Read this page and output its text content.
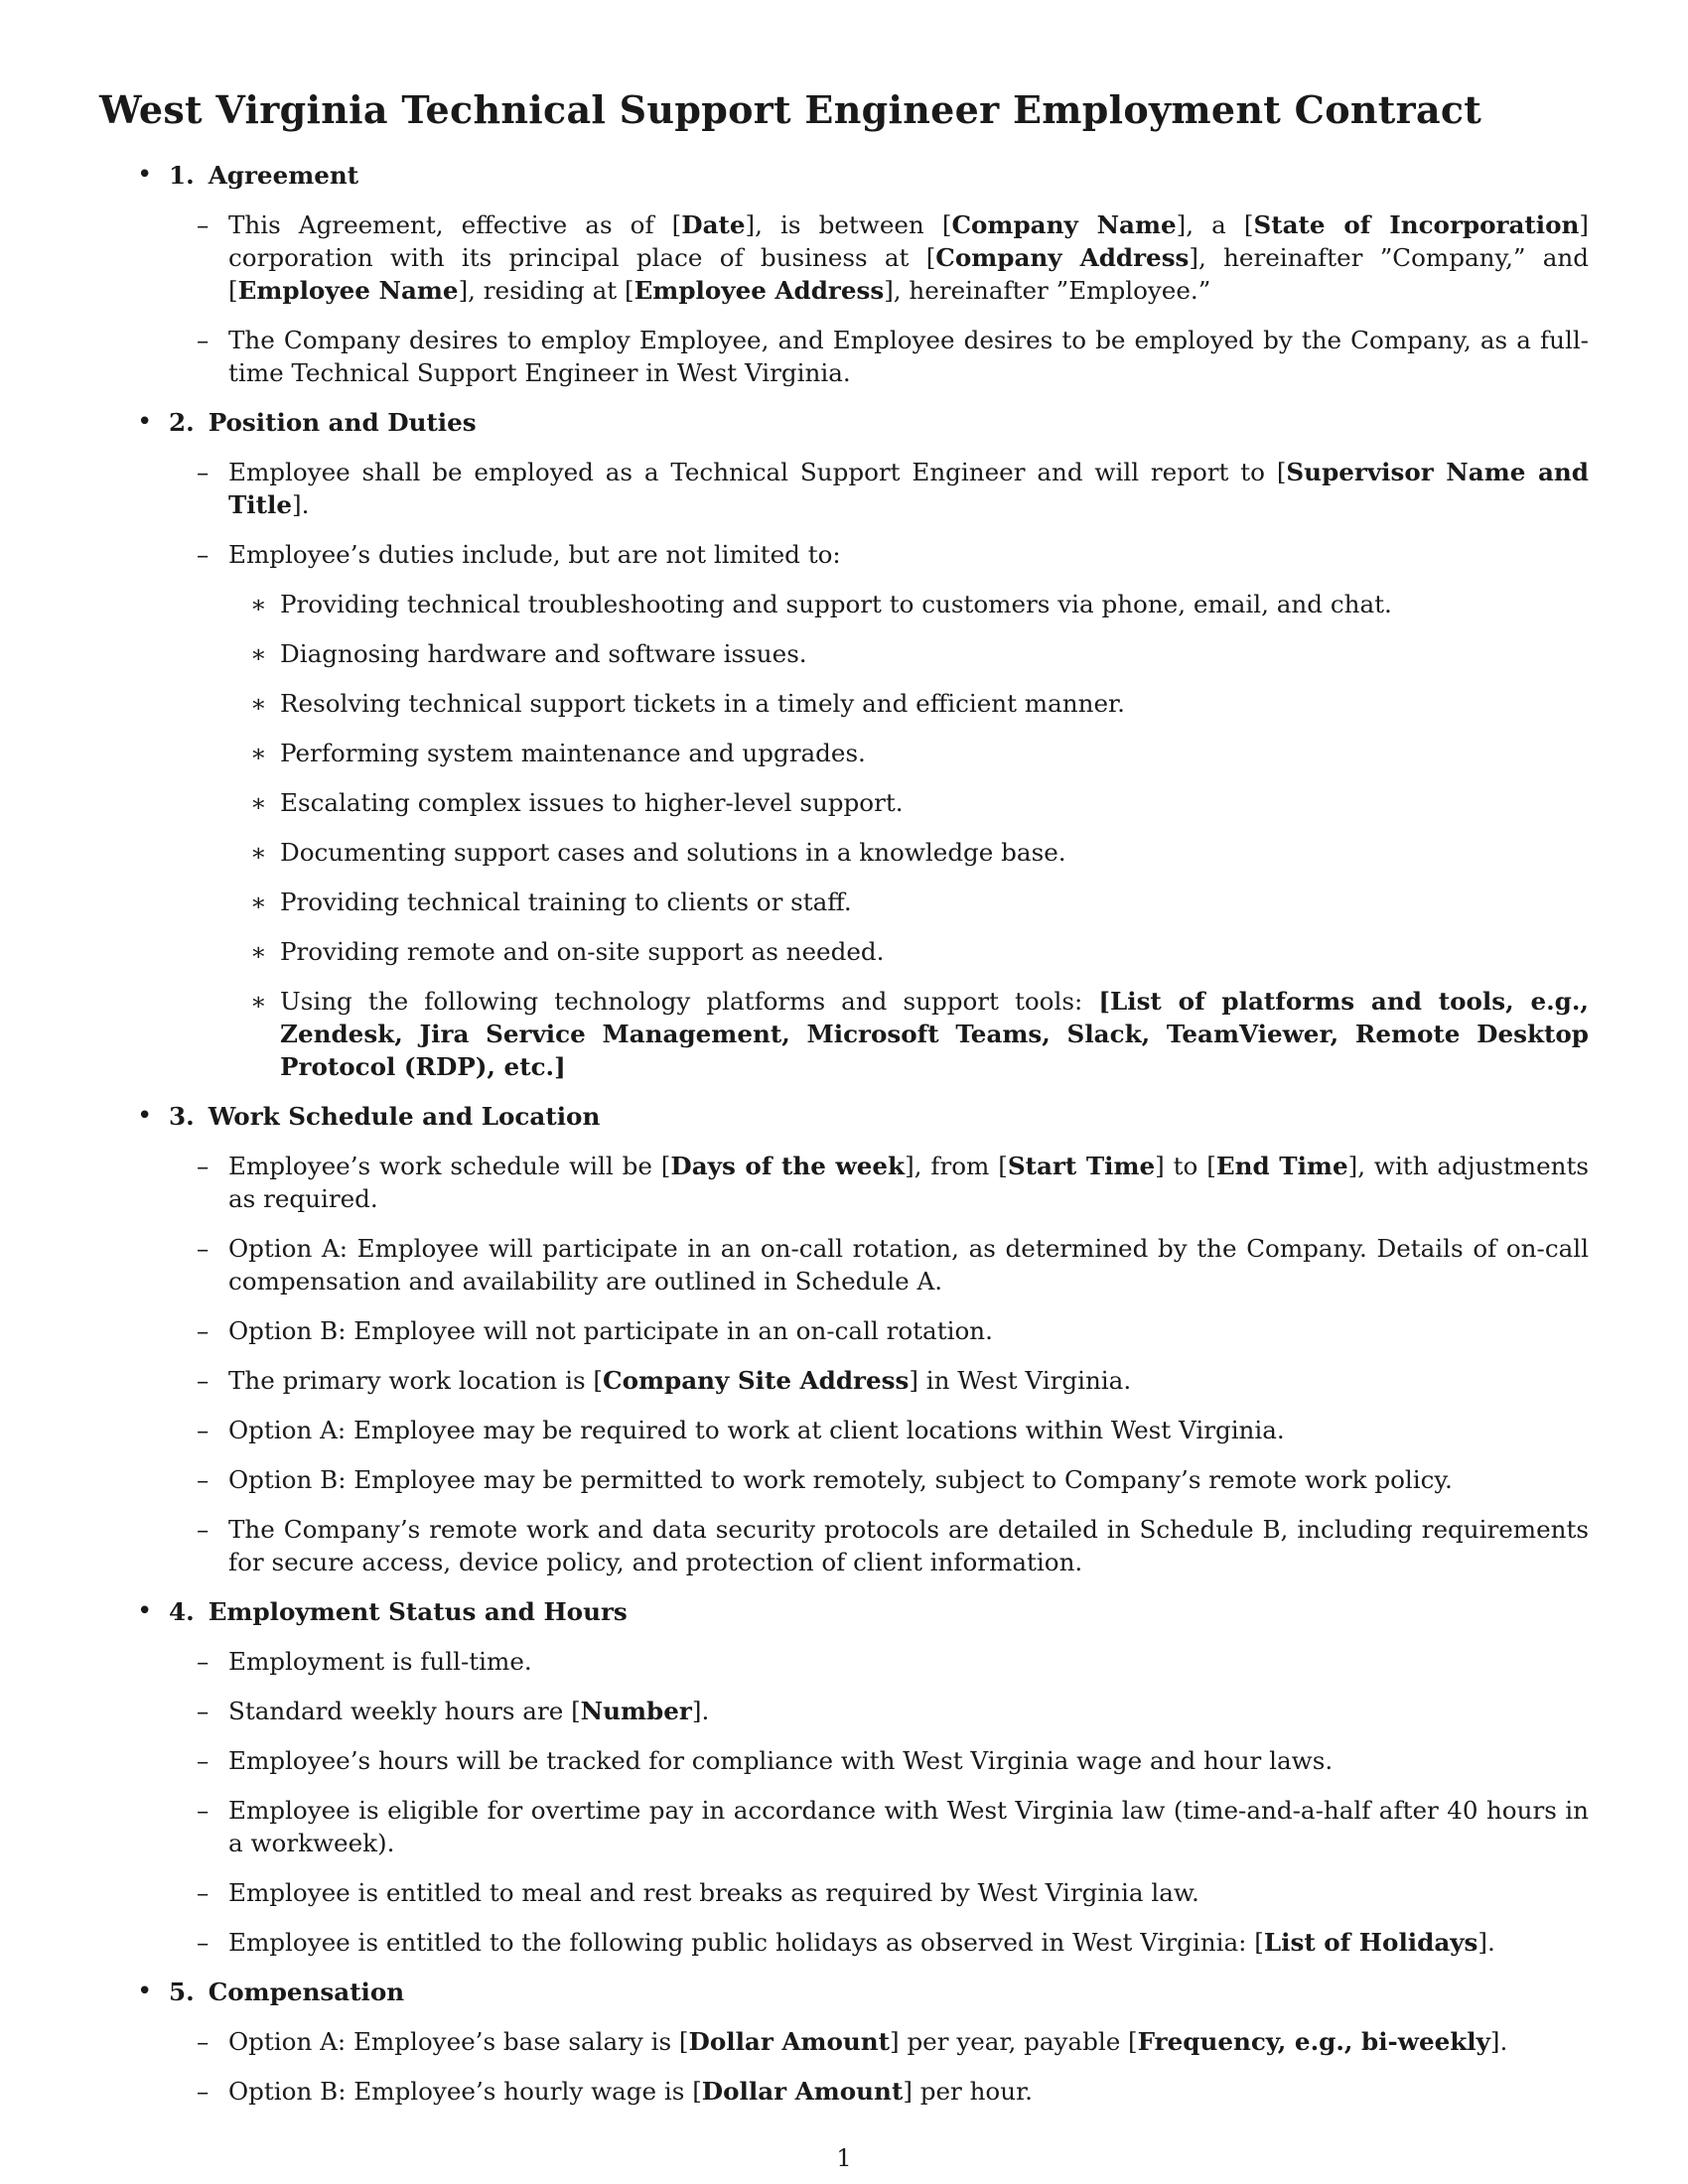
West Virginia Technical Support Engineer Employment Contract
• 1. Agreement
– This Agreement, effective as of [Date], is between [Company Name], a [State of Incorporation] corporation with its principal place of business at [Company Address], hereinafter ”Company,” and [Employee Name], residing at [Employee Address], hereinafter ”Employee.”
– The Company desires to employ Employee, and Employee desires to be employed by the Company, as a full-time Technical Support Engineer in West Virginia.
• 2. Position and Duties
– Employee shall be employed as a Technical Support Engineer and will report to [Supervisor Name and Title].
– Employee’s duties include, but are not limited to:
∗ Providing technical troubleshooting and support to customers via phone, email, and chat.
∗ Diagnosing hardware and software issues.
∗ Resolving technical support tickets in a timely and efficient manner.
∗ Performing system maintenance and upgrades.
∗ Escalating complex issues to higher-level support.
∗ Documenting support cases and solutions in a knowledge base.
∗ Providing technical training to clients or staff.
∗ Providing remote and on-site support as needed.
∗ Using the following technology platforms and support tools: [List of platforms and tools, e.g., Zendesk, Jira Service Management, Microsoft Teams, Slack, TeamViewer, Remote Desktop Protocol (RDP), etc.]
• 3. Work Schedule and Location
– Employee’s work schedule will be [Days of the week], from [Start Time] to [End Time], with adjustments as required.
– Option A: Employee will participate in an on-call rotation, as determined by the Company. Details of on-call compensation and availability are outlined in Schedule A.
– Option B: Employee will not participate in an on-call rotation.
– The primary work location is [Company Site Address] in West Virginia.
– Option A: Employee may be required to work at client locations within West Virginia.
– Option B: Employee may be permitted to work remotely, subject to Company’s remote work policy.
– The Company’s remote work and data security protocols are detailed in Schedule B, including requirements for secure access, device policy, and protection of client information.
• 4. Employment Status and Hours
– Employment is full-time.
– Standard weekly hours are [Number].
– Employee’s hours will be tracked for compliance with West Virginia wage and hour laws.
– Employee is eligible for overtime pay in accordance with West Virginia law (time-and-a-half after 40 hours in a workweek).
– Employee is entitled to meal and rest breaks as required by West Virginia law.
– Employee is entitled to the following public holidays as observed in West Virginia: [List of Holidays].
• 5. Compensation
– Option A: Employee’s base salary is [Dollar Amount] per year, payable [Frequency, e.g., bi-weekly].
– Option B: Employee’s hourly wage is [Dollar Amount] per hour.
1
